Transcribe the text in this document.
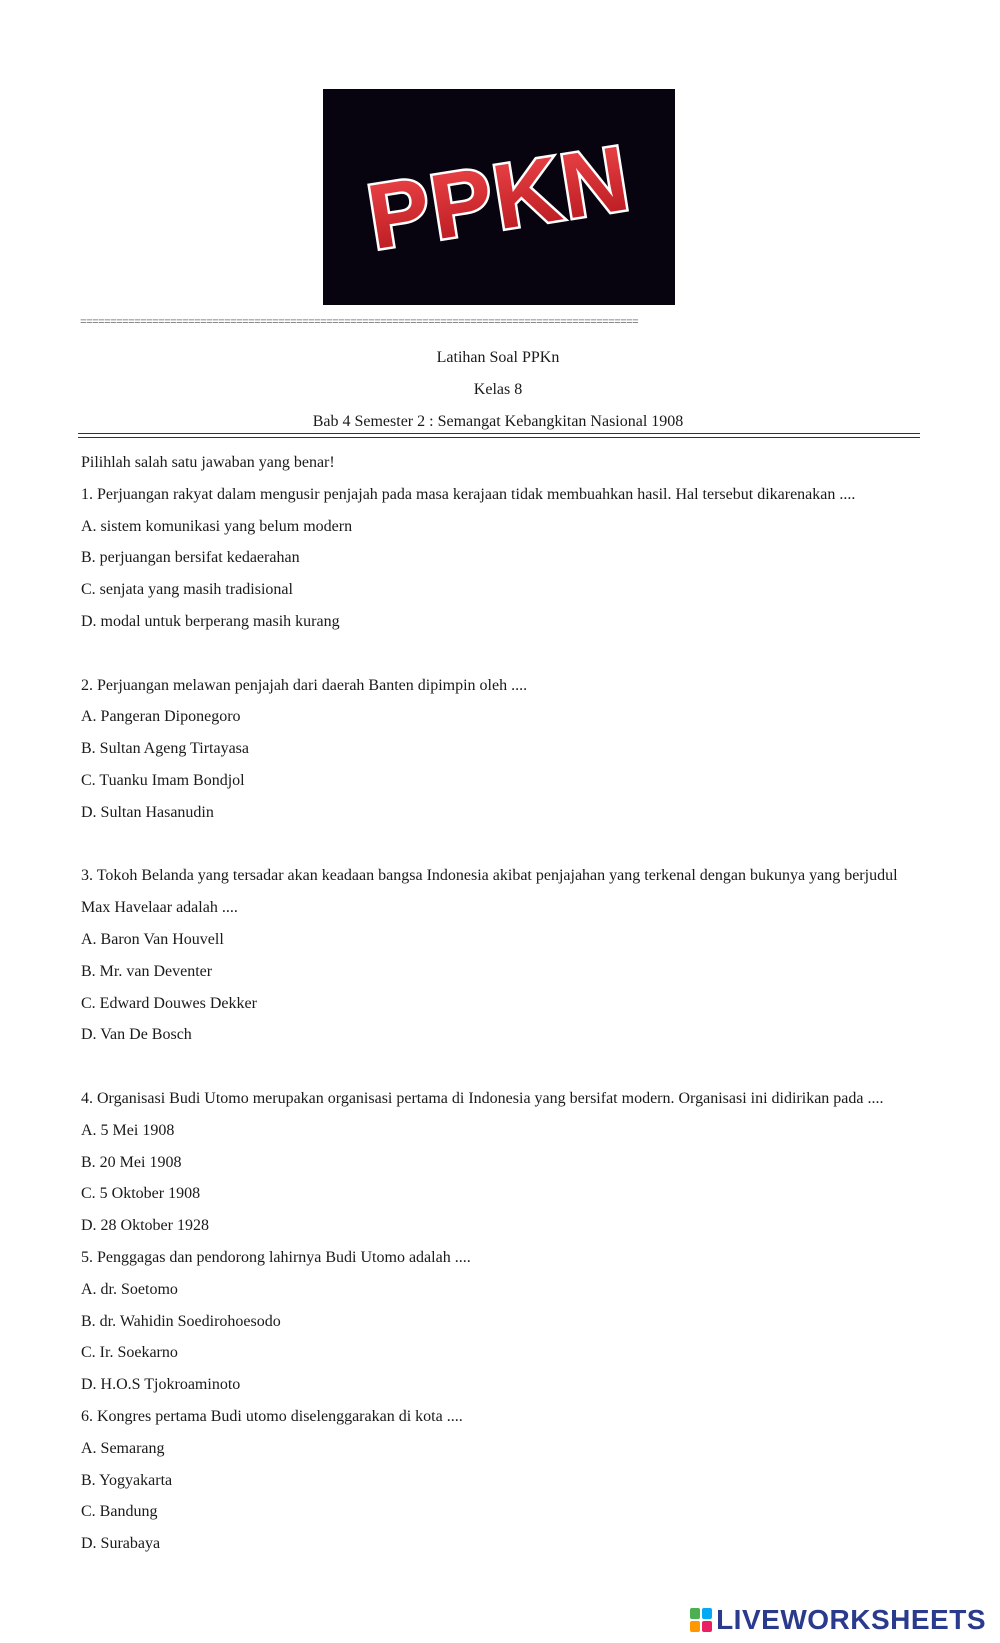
PPKN
=============================================================================================
Latihan Soal PPKn
Kelas 8
Bab 4 Semester 2 : Semangat Kebangkitan Nasional 1908

Pilihlah salah satu jawaban yang benar!

1. Perjuangan rakyat dalam mengusir penjajah pada masa kerajaan tidak membuahkan hasil. Hal tersebut dikarenakan ....

A. sistem komunikasi yang belum modern

B. perjuangan bersifat kedaerahan

C. senjata yang masih tradisional

D. modal untuk berperang masih kurang

2. Perjuangan melawan penjajah dari daerah Banten dipimpin oleh ....

A. Pangeran Diponegoro

B. Sultan Ageng Tirtayasa

C. Tuanku Imam Bondjol

D. Sultan Hasanudin

3. Tokoh Belanda yang tersadar akan keadaan bangsa Indonesia akibat penjajahan yang terkenal dengan bukunya yang berjudul Max Havelaar adalah ....

A. Baron Van Houvell

B. Mr. van Deventer

C. Edward Douwes Dekker

D. Van De Bosch

4. Organisasi Budi Utomo merupakan organisasi pertama di Indonesia yang bersifat modern. Organisasi ini didirikan pada ....

A. 5 Mei 1908

B. 20 Mei 1908

C. 5 Oktober 1908

D. 28 Oktober 1928

5. Penggagas dan pendorong lahirnya Budi Utomo adalah ....

A. dr. Soetomo

B. dr. Wahidin Soedirohoesodo

C. Ir. Soekarno

D. H.O.S Tjokroaminoto

6. Kongres pertama Budi utomo diselenggarakan di kota ....

A. Semarang

B. Yogyakarta

C. Bandung

D. Surabaya

LIVEWORKSHEETS
